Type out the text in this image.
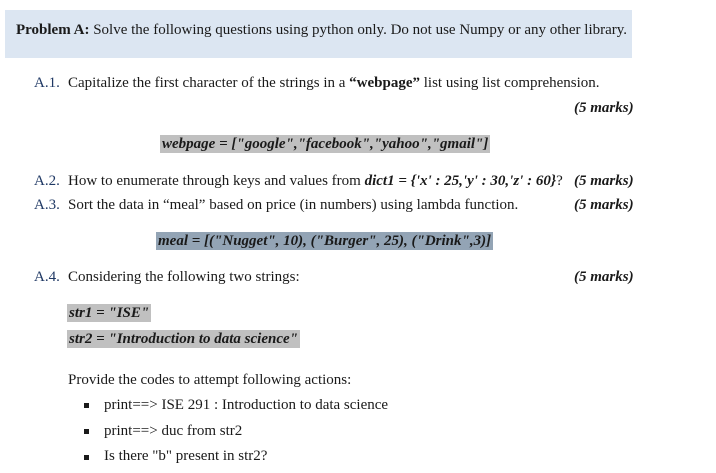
Problem A: Solve the following questions using python only. Do not use Numpy or any other library.
A.1. Capitalize the first character of the strings in a “webpage” list using list comprehension.
(5 marks)
webpage = ["google","facebook","yahoo","gmail"]
A.2. How to enumerate through keys and values from dict1 = {'x' : 25,'y' : 30,'z' : 60}? (5 marks)
A.3. Sort the data in “meal” based on price (in numbers) using lambda function.	(5 marks)
meal = [("Nugget", 10), ("Burger", 25), ("Drink",3)]
A.4. Considering the following two strings:	(5 marks)
str1 = "ISE"
str2 = "Introduction to data science"
Provide the codes to attempt following actions:
print==> ISE 291 : Introduction to data science
print==> duc from str2
Is there "b" present in str2?
